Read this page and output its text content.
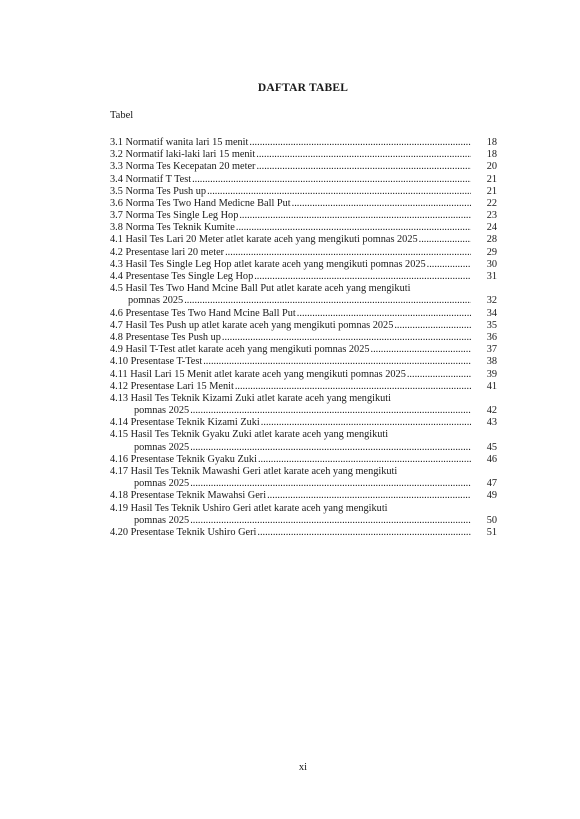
DAFTAR TABEL
Tabel
3.1 Normatif wanita lari 15 menit .....	18
3.2 Normatif laki-laki lari 15 menit .....	18
3.3 Norma Tes Kecepatan 20 meter .....	20
3.4 Normatif T Test .....	21
3.5 Norma Tes Push up .....	21
3.6 Norma Tes Two Hand Medicne Ball Put .....	22
3.7 Norma Tes Single Leg Hop .....	23
3.8 Norma Tes Teknik Kumite .....	24
4.1 Hasil Tes Lari 20 Meter atlet karate aceh yang mengikuti pomnas 2025 .....	28
4.2 Presentase lari 20 meter .....	29
4.3 Hasil Tes Single Leg Hop atlet karate aceh yang mengikuti pomnas 2025 .....	30
4.4 Presentase Tes Single Leg Hop .....	31
4.5 Hasil Tes Two Hand Mcine Ball Put atlet karate aceh yang mengikuti
pomnas 2025 .....	32
4.6 Presentase Tes Two Hand Mcine Ball Put .....	34
4.7 Hasil Tes Push up atlet karate aceh yang mengikuti pomnas 2025 .....	35
4.8 Presentase Tes Push up .....	36
4.9 Hasil T-Test atlet karate aceh yang mengikuti pomnas 2025 .....	37
4.10 Presentase T-Test .....	38
4.11 Hasil Lari 15 Menit atlet karate aceh yang mengikuti pomnas 2025 .....	39
4.12 Presentase Lari 15 Menit .....	41
4.13 Hasil Tes Teknik Kizami Zuki atlet karate aceh yang mengikuti
pomnas 2025 .....	42
4.14 Presentase Teknik Kizami Zuki .....	43
4.15 Hasil Tes Teknik Gyaku Zuki atlet karate aceh yang mengikuti
pomnas 2025 .....	45
4.16 Presentase Teknik Gyaku Zuki .....	46
4.17 Hasil Tes Teknik Mawashi Geri atlet karate aceh yang mengikuti
pomnas 2025 .....	47
4.18 Presentase Teknik Mawahsi Geri .....	49
4.19 Hasil Tes Teknik Ushiro Geri atlet karate aceh yang mengikuti
pomnas 2025 .....	50
4.20 Presentase Teknik Ushiro Geri .....	51
xi
